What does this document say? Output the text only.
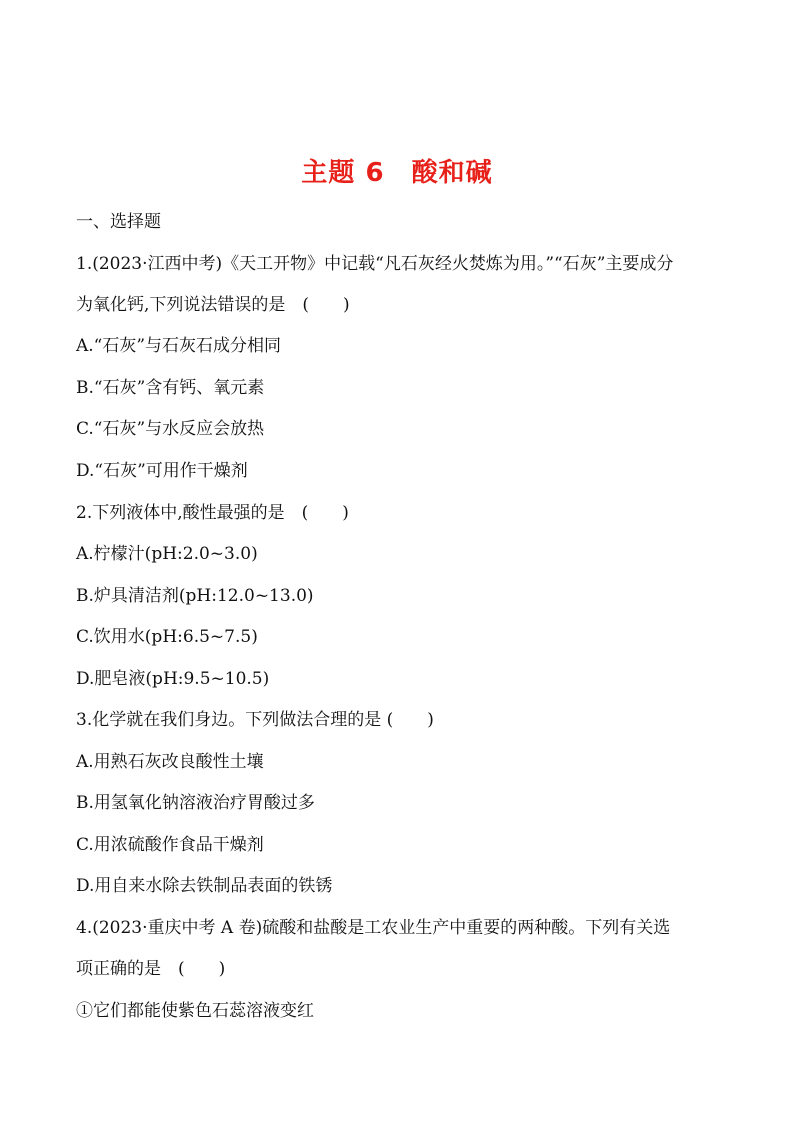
主题 6　酸和碱
一、选择题
1.(2023·江西中考)《天工开物》中记载“凡石灰经火焚炼为用。”“石灰”主要成分
为氧化钙,下列说法错误的是　(　　)
A.“石灰”与石灰石成分相同
B.“石灰”含有钙、氧元素
C.“石灰”与水反应会放热
D.“石灰”可用作干燥剂
2.下列液体中,酸性最强的是　(　　)
A.柠檬汁(pH:2.0~3.0)
B.炉具清洁剂(pH:12.0~13.0)
C.饮用水(pH:6.5~7.5)
D.肥皂液(pH:9.5~10.5)
3.化学就在我们身边。下列做法合理的是 (　　)
A.用熟石灰改良酸性土壤
B.用氢氧化钠溶液治疗胃酸过多
C.用浓硫酸作食品干燥剂
D.用自来水除去铁制品表面的铁锈
4.(2023·重庆中考 A 卷)硫酸和盐酸是工农业生产中重要的两种酸。下列有关选
项正确的是　(　　)
①它们都能使紫色石蕊溶液变红
